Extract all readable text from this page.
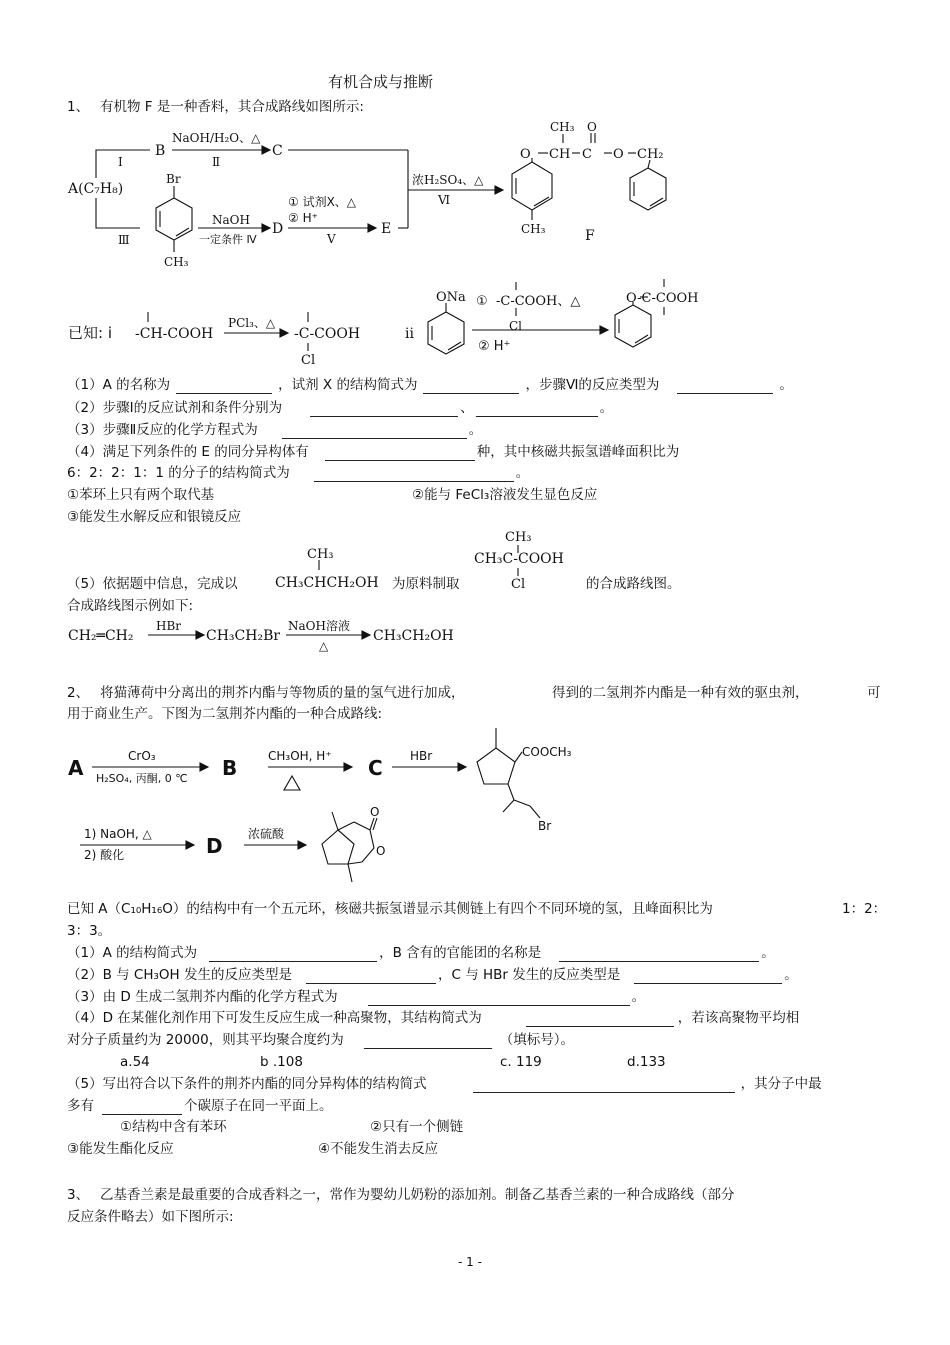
有机合成与推断
1、 有机物 F 是一种香料，其合成路线如图所示:
A(C₇H₈)
B	C
D	E	F
NaOH/H₂O、△
Ⅰ	Ⅱ
Ⅲ
NaOH
一定条件 Ⅳ
① 试剂X、△
② H⁺
Ⅴ
浓H₂SO₄、△
Ⅵ
Br
CH₃
O CH
CH₃
C
O
O CH₂
CH₃
已知: i -CH-COOH
PCl₃、△
-C-COOH
Cl
ii
ONa ① -C-COOH、△
Cl
② H⁺
O-C-COOH
CH₃
CH₃CHCH₂OH
CH₃
CH₃C-COOH
Cl
CH₂═CH₂
HBr
CH₃CH₂Br
NaOH溶液
△
CH₃CH₂OH
（1）A 的名称为	，试剂 X 的结构简式为	，步骤Ⅵ的反应类型为	。
（2）步骤Ⅰ的反应试剂和条件分别为	、	。
（3）步骤Ⅱ反应的化学方程式为	。
（4）满足下列条件的 E 的同分异构体有	种，其中核磁共振氢谱峰面积比为
6：2：2：1：1 的分子的结构简式为	。
①苯环上只有两个取代基	②能与 FeCl₃溶液发生显色反应
③能发生水解反应和银镜反应
（5）依据题中信息，完成以	为原料制取	的合成路线图。
合成路线图示例如下:
2、 将猫薄荷中分离出的荆芥内酯与等物质的量的氢气进行加成，	得到的二氢荆芥内酯是一种有效的驱虫剂，	可
用于商业生产。下图为二氢荆芥内酯的一种合成路线:
A	B	C
D
CrO₃
H₂SO₄, 丙酮, 0 ℃
CH₃OH, H⁺	HBr	COOCH₃
Br
1) NaOH, △
2) 酸化
浓硫酸
O
O
已知 A（C₁₀H₁₆O）的结构中有一个五元环，核磁共振氢谱显示其侧链上有四个不同环境的氢，且峰面积比为	1：2：
3：3。
（1）A 的结构简式为	，B 含有的官能团的名称是	。
（2）B 与 CH₃OH 发生的反应类型是	，C 与 HBr 发生的反应类型是	。
（3）由 D 生成二氢荆芥内酯的化学方程式为	。
（4）D 在某催化剂作用下可发生反应生成一种高聚物，其结构简式为	，若该高聚物平均相
对分子质量约为 20000，则其平均聚合度约为	（填标号）。
a.54	b .108	c. 119	d.133
（5）写出符合以下条件的荆芥内酯的同分异构体的结构简式	，其分子中最
多有	个碳原子在同一平面上。
①结构中含有苯环	②只有一个侧链
③能发生酯化反应	④不能发生消去反应
3、 乙基香兰素是最重要的合成香料之一，常作为婴幼儿奶粉的添加剂。制备乙基香兰素的一种合成路线（部分
反应条件略去）如下图所示:
- 1 -
